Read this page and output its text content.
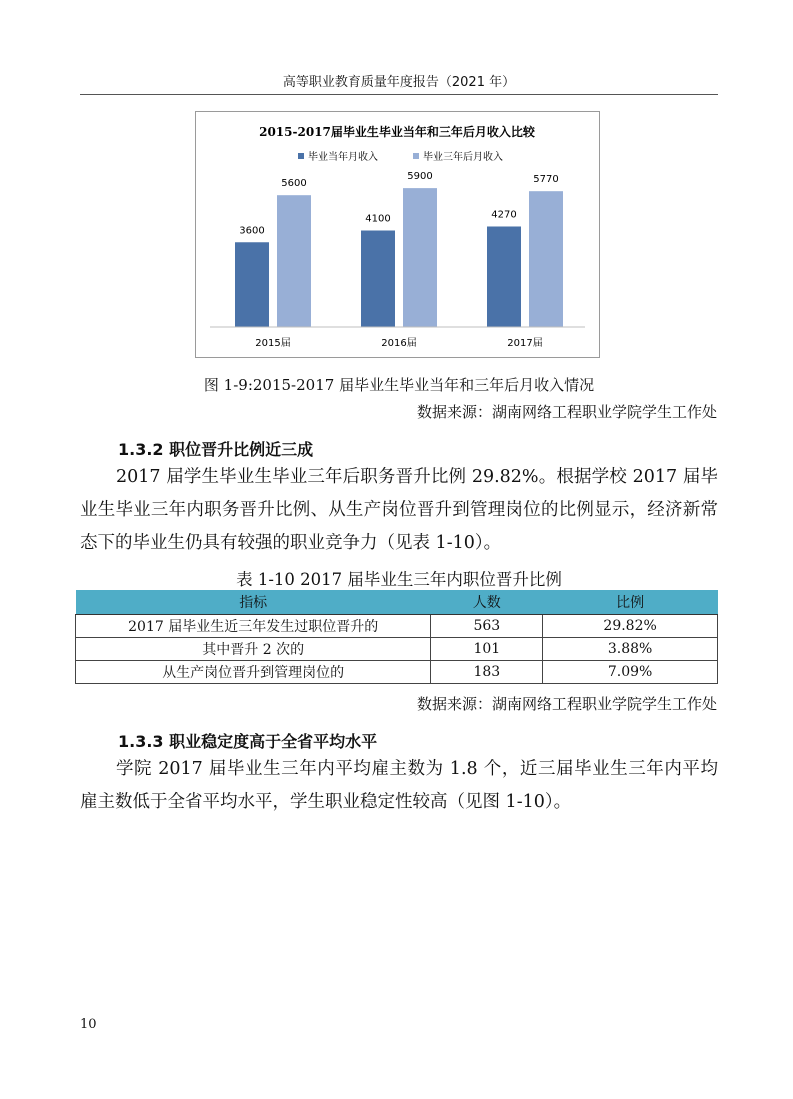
高等职业教育质量年度报告（2021 年）
2015-2017届毕业生毕业当年和三年后月收入比较
毕业当年月收入	毕业三年后月收入
3600
4100	4270
5600
5900	5770
2015届	2016届	2017届
图 1-9:2015-2017 届毕业生毕业当年和三年后月收入情况
数据来源：湖南网络工程职业学院学生工作处
1.3.2 职位晋升比例近三成

2017 届学生毕业生毕业三年后职务晋升比例 29.82%。根据学校 2017 届毕业生毕业三年内职务晋升比例、从生产岗位晋升到管理岗位的比例显示，经济新常态下的毕业生仍具有较强的职业竞争力（见表 1-10）。

表 1-10 2017 届毕业生三年内职位晋升比例
指标	人数	比例
2017 届毕业生近三年发生过职位晋升的	563	29.82%
其中晋升 2 次的	101	3.88%
从生产岗位晋升到管理岗位的	183	7.09%
数据来源：湖南网络工程职业学院学生工作处
1.3.3 职业稳定度高于全省平均水平

学院 2017 届毕业生三年内平均雇主数为 1.8 个，近三届毕业生三年内平均雇主数低于全省平均水平，学生职业稳定性较高（见图 1-10）。

10
